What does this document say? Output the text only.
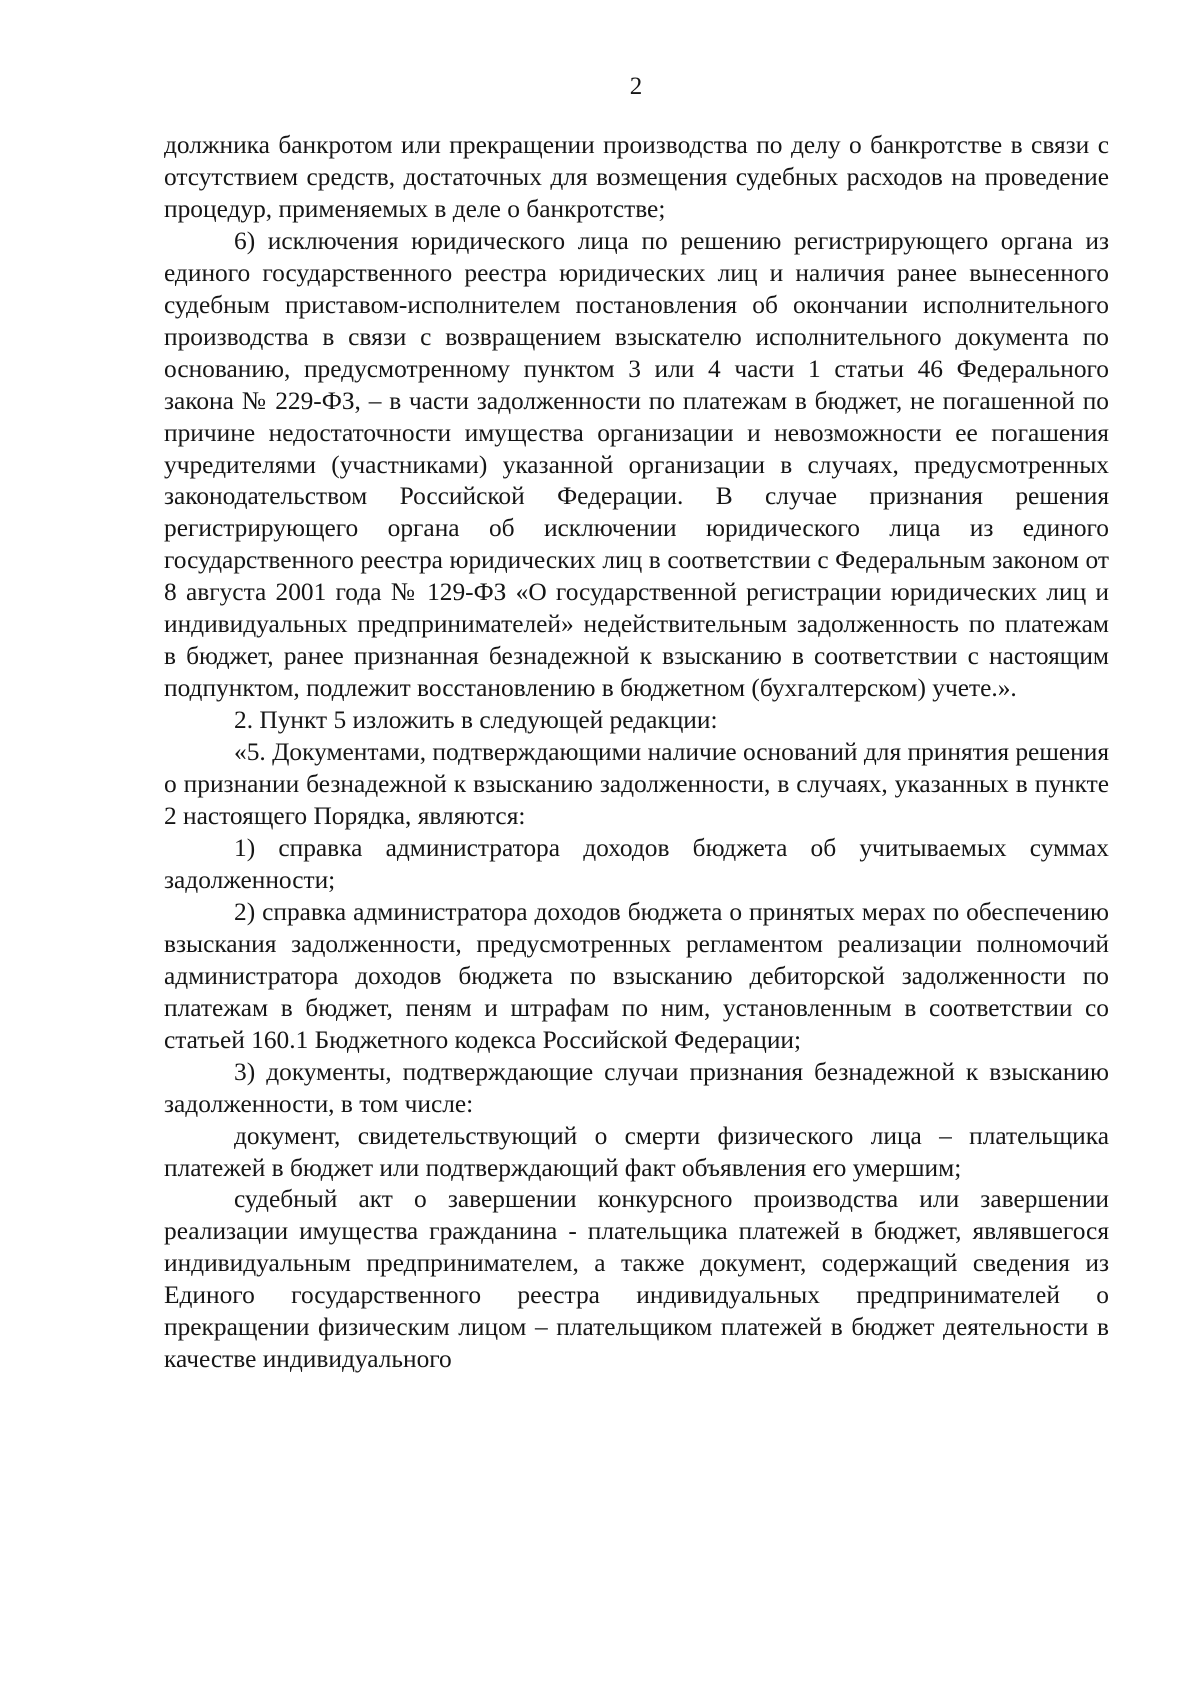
2

должника банкротом или прекращении производства по делу о банкротстве в связи с отсутствием средств, достаточных для возмещения судебных расходов на проведение процедур, применяемых в деле о банкротстве;

6) исключения юридического лица по решению регистрирующего органа из единого государственного реестра юридических лиц и наличия ранее вынесенного судебным приставом-исполнителем постановления об окончании исполнительного производства в связи с возвращением взыскателю исполнительного документа по основанию, предусмотренному пунктом 3 или 4 части 1 статьи 46 Федерального закона № 229-ФЗ, – в части задолженности по платежам в бюджет, не погашенной по причине недостаточности имущества организации и невозможности ее погашения учредителями (участниками) указанной организации в случаях, предусмотренных законодательством Российской Федерации. В случае признания решения регистрирующего органа об исключении юридического лица из единого государственного реестра юридических лиц в соответствии с Федеральным законом от 8 августа 2001 года № 129-ФЗ «О государственной регистрации юридических лиц и индивидуальных предпринимателей» недействительным задолженность по платежам в бюджет, ранее признанная безнадежной к взысканию в соответствии с настоящим подпунктом, подлежит восстановлению в бюджетном (бухгалтерском) учете.».

2. Пункт 5 изложить в следующей редакции:

«5. Документами, подтверждающими наличие оснований для принятия решения о признании безнадежной к взысканию задолженности, в случаях, указанных в пункте 2 настоящего Порядка, являются:

1) справка администратора доходов бюджета об учитываемых суммах задолженности;

2) справка администратора доходов бюджета о принятых мерах по обеспечению взыскания задолженности, предусмотренных регламентом реализации полномочий администратора доходов бюджета по взысканию дебиторской задолженности по платежам в бюджет, пеням и штрафам по ним, установленным в соответствии со статьей 160.1 Бюджетного кодекса Российской Федерации;

3) документы, подтверждающие случаи признания безнадежной к взысканию задолженности, в том числе:

документ, свидетельствующий о смерти физического лица – плательщика платежей в бюджет или подтверждающий факт объявления его умершим;

судебный акт о завершении конкурсного производства или завершении реализации имущества гражданина - плательщика платежей в бюджет, являвшегося индивидуальным предпринимателем, а также документ, содержащий сведения из Единого государственного реестра индивидуальных предпринимателей о прекращении физическим лицом – плательщиком платежей в бюджет деятельности в качестве индивидуального
